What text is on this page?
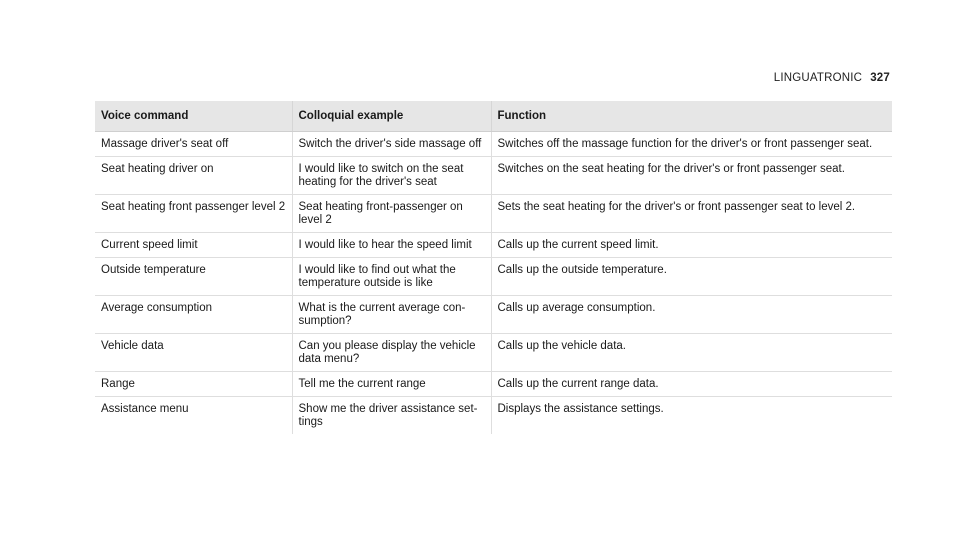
LINGUATRONIC 327
Voice command	Colloquial example	Function
Massage driver's seat off	Switch the driver's side massage off	Switches off the massage function for the driver's or front passenger seat.
Seat heating driver on	I would like to switch on the seat heating for the driver's seat	Switches on the seat heating for the driver's or front passenger seat.
Seat heating front passenger level 2	Seat heating front-passenger on level 2	Sets the seat heating for the driver's or front passenger seat to level 2.
Current speed limit	I would like to hear the speed limit	Calls up the current speed limit.
Outside temperature	I would like to find out what the temperature outside is like	Calls up the outside temperature.
Average consumption	What is the current average con-sumption?	Calls up average consumption.
Vehicle data	Can you please display the vehicle data menu?	Calls up the vehicle data.
Range	Tell me the current range	Calls up the current range data.
Assistance menu	Show me the driver assistance set-tings	Displays the assistance settings.
